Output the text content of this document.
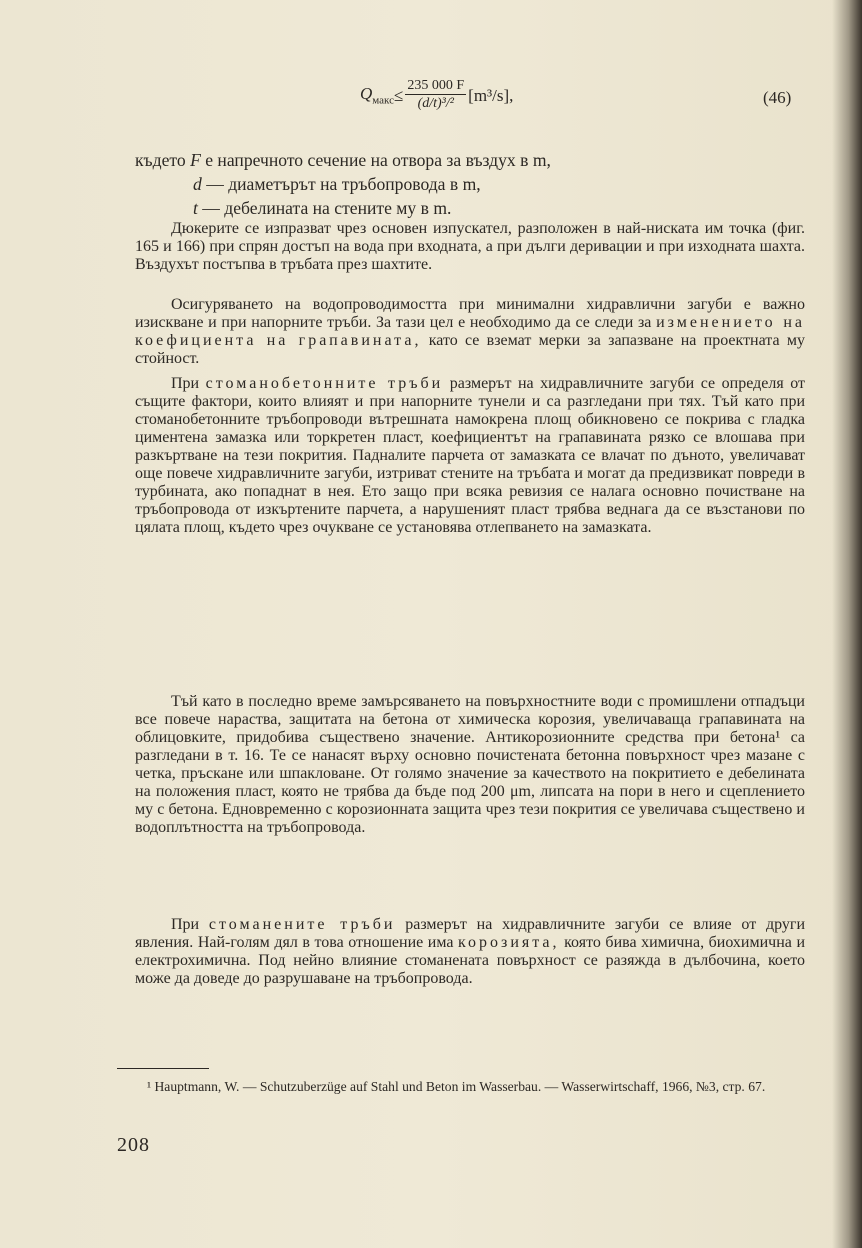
$Q_{макс} \le \frac{235 000 F}{\text{(d/t)³/²}} [m^3/s]$,	(46)
където F е напречното сечение на отвора за въздух в m,
d — диаметърът на тръбопровода в m,
t — дебелината на стените му в m.

Дюкерите се изпразват чрез основен изпускател, разположен в най-ниската им точка (фиг. 165 и 166) при спрян достъп на вода при входната, а при дълги деривации и при изходната шахта. Въздухът постъпва в тръбата през шахтите.

Осигуряването на водопроводимостта при минимални хидравлични загуби е важно изискване и при напорните тръби. За тази цел е необходимо да се следи за изменението на коефициента на грапавината, като се вземат мерки за запазване на проектната му стойност.

При стоманобетонните тръби размерът на хидравличните загуби се определя от същите фактори, които влияят и при напорните тунели и са разгледани при тях. Тъй като при стоманобетонните тръбопроводи вътрешната намокрена площ обикновено се покрива с гладка циментена замазка или торкретен пласт, коефициентът на грапавината рязко се влошава при разкъртване на тези покрития. Падналите парчета от замазката се влачат по дъното, увеличават още повече хидравличните загуби, изтриват стените на тръбата и могат да предизвикат повреди в турбината, ако попаднат в нея. Ето защо при всяка ревизия се налага основно почистване на тръбопровода от изкъртените парчета, а нарушеният пласт трябва веднага да се възстанови по цялата площ, където чрез очукване се установява отлепването на замазката.

Тъй като в последно време замърсяването на повърхностните води с промишлени отпадъци все повече нараства, защитата на бетона от химическа корозия, увеличаваща грапавината на облицовките, придобива съществено значение. Антикорозионните средства при бетона¹ са разгледани в т. 16. Те се нанасят върху основно почистената бетонна повърхност чрез мазане с четка, пръскане или шпакловане. От голямо значение за качеството на покритието е дебелината на положения пласт, която не трябва да бъде под 200 μm, липсата на пори в него и сцеплението му с бетона. Едновременно с корозионната защита чрез тези покрития се увеличава съществено и водоплътността на тръбопровода.

При стоманените тръби размерът на хидравличните загуби се влияе от други явления. Най-голям дял в това отношение има корозията, която бива химична, биохимична и електрохимична. Под нейно влияние стоманената повърхност се разяжда в дълбочина, което може да доведе до разрушаване на тръбопровода.

¹ Hauptmann, W. — Schutzuberzüge auf Stahl und Beton im Wasserbau. — Wasserwirtschaff, 1966, №3, стр. 67.
208
